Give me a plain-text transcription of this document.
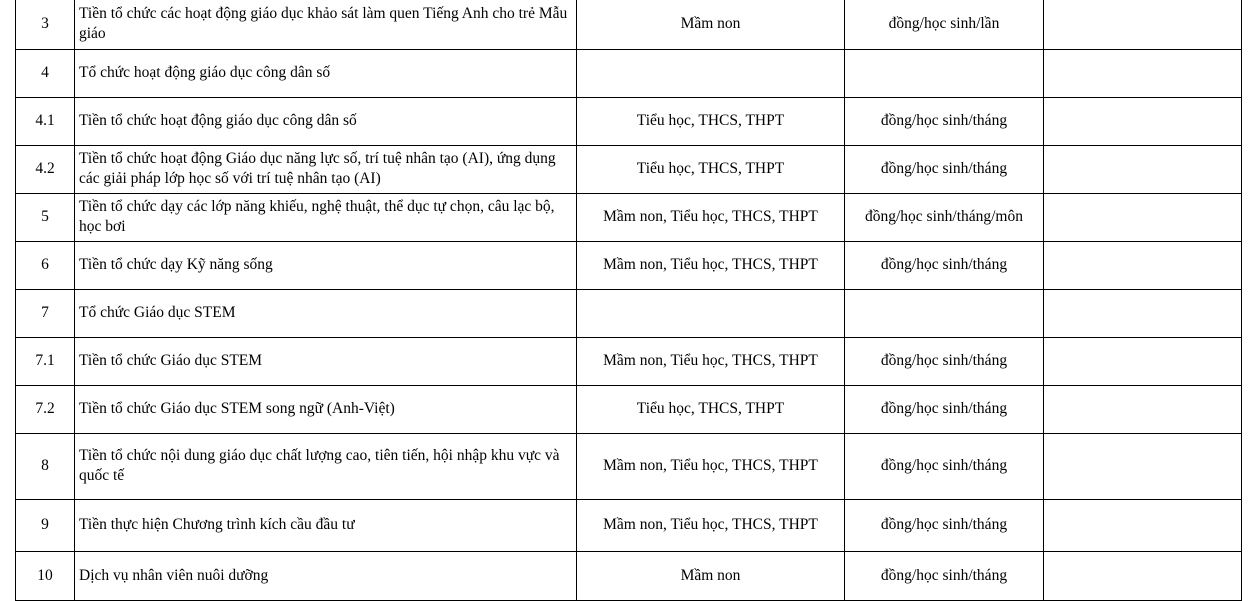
3	Tiền tổ chức các hoạt động giáo dục khảo sát làm quen Tiếng Anh cho trẻ Mẫu giáo	Mầm non	đồng/học sinh/lần	
4	Tổ chức hoạt động giáo dục công dân số			
4.1	Tiền tổ chức hoạt động giáo dục công dân số	Tiểu học, THCS, THPT	đồng/học sinh/tháng	
4.2	Tiền tổ chức hoạt động Giáo dục năng lực số, trí tuệ nhân tạo (AI), ứng dụng các giải pháp lớp học số với trí tuệ nhân tạo (AI)	Tiểu học, THCS, THPT	đồng/học sinh/tháng	
5	Tiền tổ chức dạy các lớp năng khiếu, nghệ thuật, thể dục tự chọn, câu lạc bộ, học bơi	Mầm non, Tiểu học, THCS, THPT	đồng/học sinh/tháng/môn	
6	Tiền tổ chức dạy Kỹ năng sống	Mầm non, Tiểu học, THCS, THPT	đồng/học sinh/tháng	
7	Tổ chức Giáo dục STEM			
7.1	Tiền tổ chức Giáo dục STEM	Mầm non, Tiểu học, THCS, THPT	đồng/học sinh/tháng	
7.2	Tiền tổ chức Giáo dục STEM song ngữ (Anh-Việt)	Tiểu học, THCS, THPT	đồng/học sinh/tháng	
8	Tiền tổ chức nội dung giáo dục chất lượng cao, tiên tiến, hội nhập khu vực và quốc tế	Mầm non, Tiểu học, THCS, THPT	đồng/học sinh/tháng	
9	Tiền thực hiện Chương trình kích cầu đầu tư	Mầm non, Tiểu học, THCS, THPT	đồng/học sinh/tháng	
10	Dịch vụ nhân viên nuôi dưỡng	Mầm non	đồng/học sinh/tháng	
